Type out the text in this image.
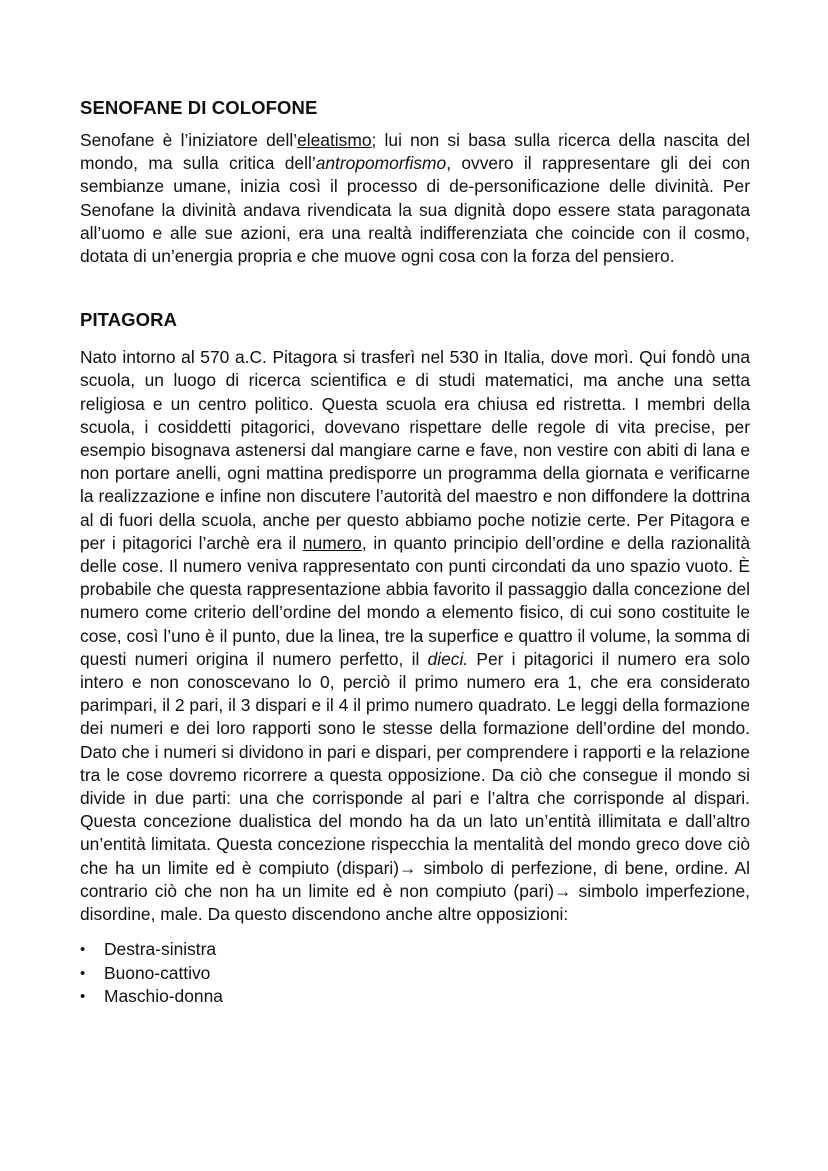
SENOFANE DI COLOFONE

Senofane è l’iniziatore dell’eleatismo; lui non si basa sulla ricerca della nascita del mondo, ma sulla critica dell’antropomorfismo, ovvero il rappresentare gli dei con sembianze umane, inizia così il processo di de-personificazione delle divinità. Per Senofane la divinità andava rivendicata la sua dignità dopo essere stata paragonata all’uomo e alle sue azioni, era una realtà indifferenziata che coincide con il cosmo, dotata di un’energia propria e che muove ogni cosa con la forza del pensiero.

PITAGORA

Nato intorno al 570 a.C. Pitagora si trasferì nel 530 in Italia, dove morì. Qui fondò una scuola, un luogo di ricerca scientifica e di studi matematici, ma anche una setta religiosa e un centro politico. Questa scuola era chiusa ed ristretta. I membri della scuola, i cosiddetti pitagorici, dovevano rispettare delle regole di vita precise, per esempio bisognava astenersi dal mangiare carne e fave, non vestire con abiti di lana e non portare anelli, ogni mattina predisporre un programma della giornata e verificarne la realizzazione e infine non discutere l’autorità del maestro e non diffondere la dottrina al di fuori della scuola, anche per questo abbiamo poche notizie certe. Per Pitagora e per i pitagorici l’archè era il numero, in quanto principio dell’ordine e della razionalità delle cose. Il numero veniva rappresentato con punti circondati da uno spazio vuoto. È probabile che questa rappresentazione abbia favorito il passaggio dalla concezione del numero come criterio dell’ordine del mondo a elemento fisico, di cui sono costituite le cose, così l’uno è il punto, due la linea, tre la superfice e quattro il volume, la somma di questi numeri origina il numero perfetto, il dieci. Per i pitagorici il numero era solo intero e non conoscevano lo 0, perciò il primo numero era 1, che era considerato parimpari, il 2 pari, il 3 dispari e il 4 il primo numero quadrato. Le leggi della formazione dei numeri e dei loro rapporti sono le stesse della formazione dell’ordine del mondo. Dato che i numeri si dividono in pari e dispari, per comprendere i rapporti e la relazione tra le cose dovremo ricorrere a questa opposizione. Da ciò che consegue il mondo si divide in due parti: una che corrisponde al pari e l’altra che corrisponde al dispari. Questa concezione dualistica del mondo ha da un lato un’entità illimitata e dall’altro un’entità limitata. Questa concezione rispecchia la mentalità del mondo greco dove ciò che ha un limite ed è compiuto (dispari)→ simbolo di perfezione, di bene, ordine. Al contrario ciò che non ha un limite ed è non compiuto (pari)→ simbolo imperfezione, disordine, male. Da questo discendono anche altre opposizioni:

•	Destra-sinistra
•	Buono-cattivo
•	Maschio-donna
